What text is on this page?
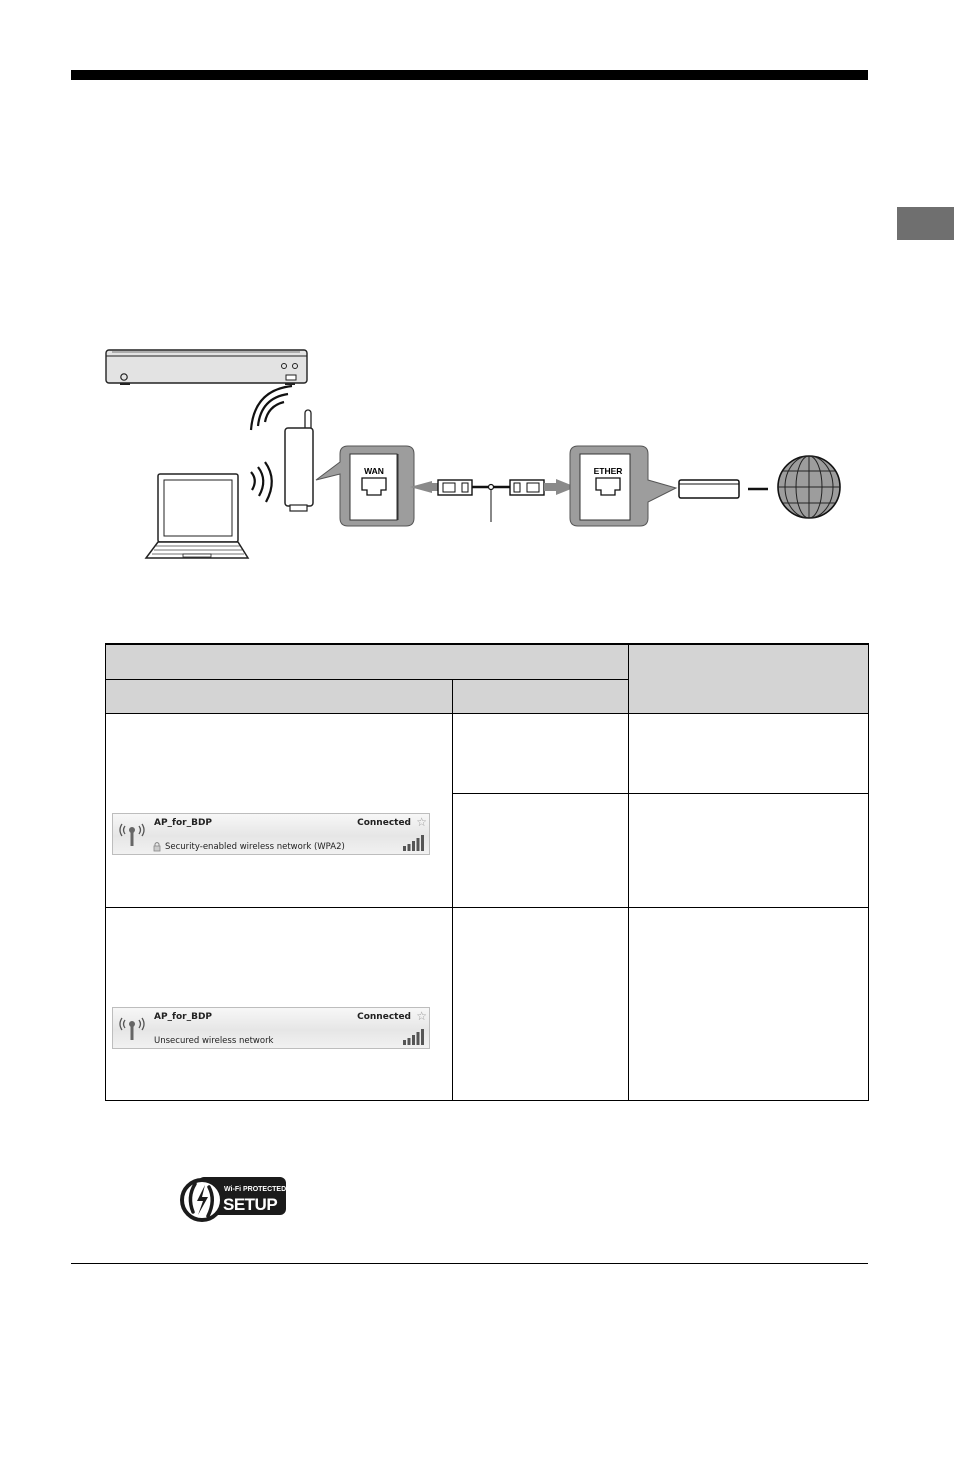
WAN	ETHER
AP_for_BDP	Connected ☆
Security-enabled wireless network (WPA2)
AP_for_BDP	Connected ☆
Unsecured wireless network
Wi-Fi PROTECTED
SETUP
